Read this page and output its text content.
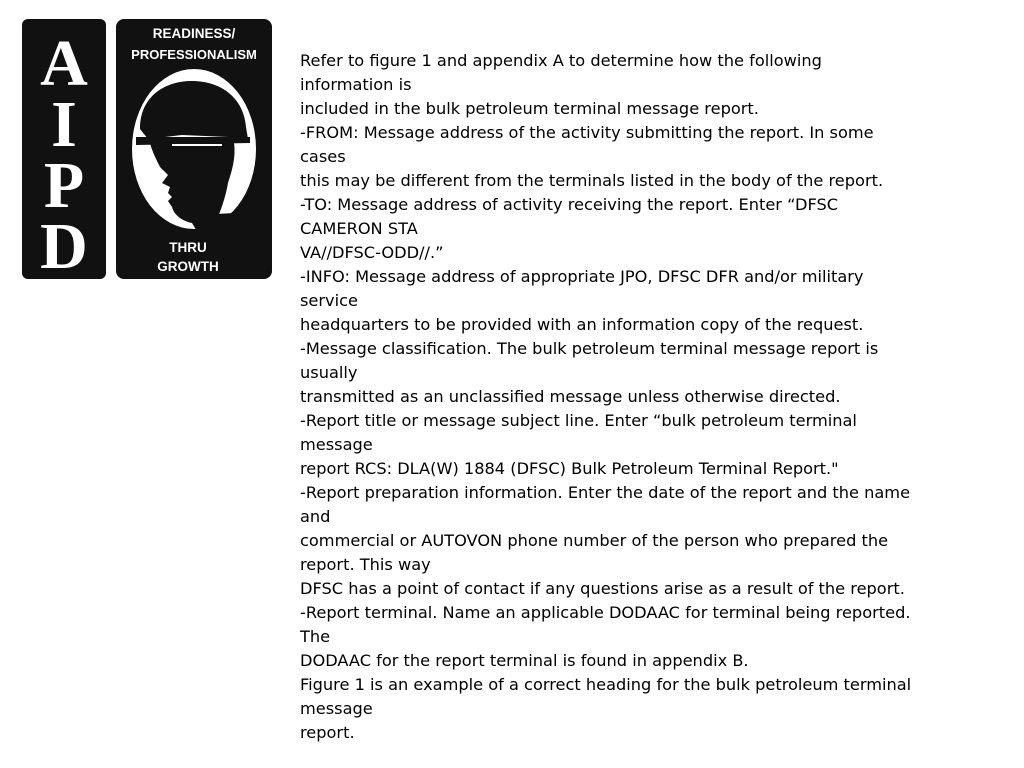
A
I
P
D
READINESS/
PROFESSIONALISM
THRU
GROWTH
Refer to figure 1 and appendix A to determine how the following
information is
included in the bulk petroleum terminal message report.
-FROM: Message address of the activity submitting the report. In some
cases
this may be different from the terminals listed in the body of the report.
-TO: Message address of activity receiving the report. Enter “DFSC
CAMERON STA
VA//DFSC-ODD//.”
-INFO: Message address of appropriate JPO, DFSC DFR and/or military
service
headquarters to be provided with an information copy of the request.
-Message classification. The bulk petroleum terminal message report is
usually
transmitted as an unclassified message unless otherwise directed.
-Report title or message subject line. Enter “bulk petroleum terminal
message
report RCS: DLA(W) 1884 (DFSC) Bulk Petroleum Terminal Report."
-Report preparation information. Enter the date of the report and the name
and
commercial or AUTOVON phone number of the person who prepared the
report. This way
DFSC has a point of contact if any questions arise as a result of the report.
-Report terminal. Name an applicable DODAAC for terminal being reported.
The
DODAAC for the report terminal is found in appendix B.
Figure 1 is an example of a correct heading for the bulk petroleum terminal
message
report.
